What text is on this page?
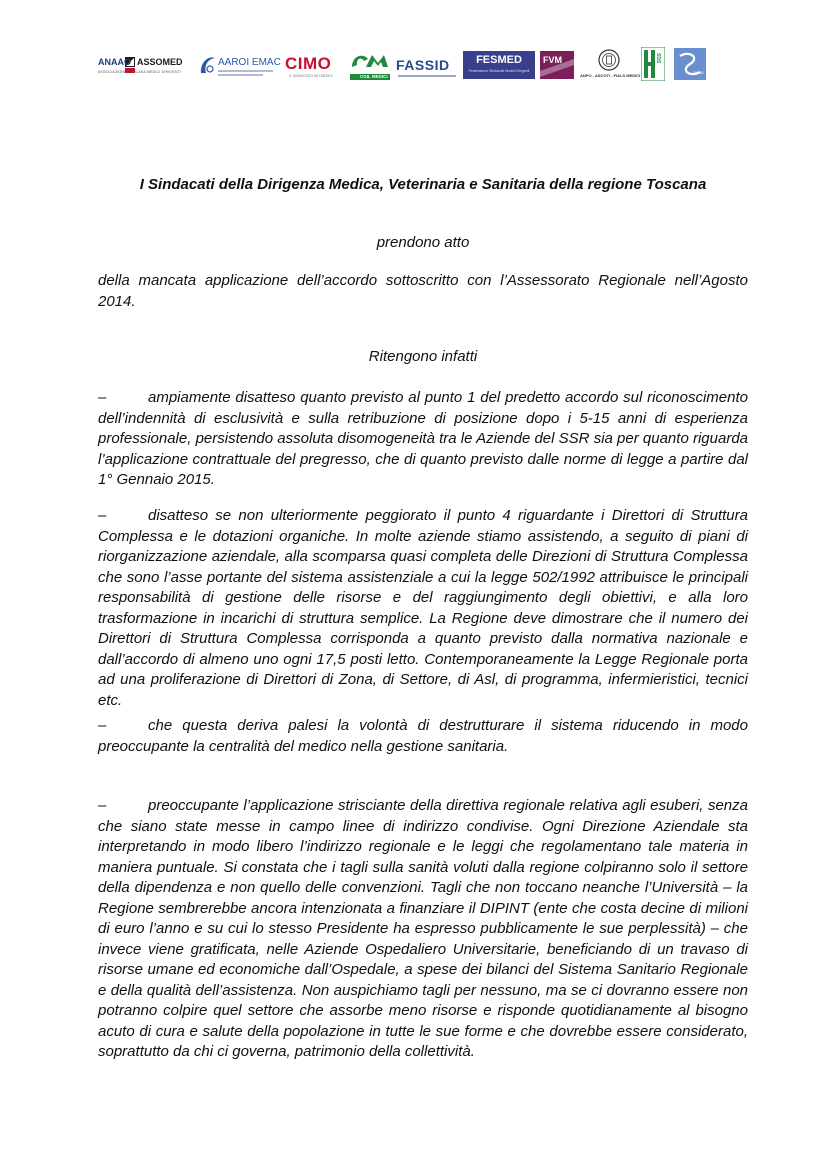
ANAAO ASSOMED
ASSOCIAZIONE TOSCANA MEDICI DIRIGENTI
AAROI EMAC CIMO
IL SINDACATO DEI MEDICI	CGIL MEDICI
FASSID	FESMED
Federazione Sindacale Medici Dirigenti
FVM
ANPO - ASCOTI - FIALS MEDICI
SDS
SNABI
I Sindacati della Dirigenza Medica, Veterinaria e Sanitaria della regione Toscana
prendono atto

della mancata applicazione dell’accordo sottoscritto con l’Assessorato Regionale nell’Agosto 2014.

Ritengono infatti

–	ampiamente disatteso quanto previsto al punto 1 del predetto accordo sul riconoscimento dell’indennità di esclusività e sulla retribuzione di posizione dopo i 5-15 anni di esperienza professionale, persistendo assoluta disomogeneità tra le Aziende del SSR sia per quanto riguarda l’applicazione contrattuale del pregresso, che di quanto previsto dalle norme di legge a partire dal 1° Gennaio 2015.

–	disatteso se non ulteriormente peggiorato il punto 4 riguardante i Direttori di Struttura Complessa e le dotazioni organiche. In molte aziende stiamo assistendo, a seguito di piani di riorganizzazione aziendale, alla scomparsa quasi completa delle Direzioni di Struttura Complessa che sono l’asse portante del sistema assistenziale a cui la legge 502/1992 attribuisce le principali responsabilità di gestione delle risorse e del raggiungimento degli obiettivi, e alla loro trasformazione in incarichi di struttura semplice. La Regione deve dimostrare che il numero dei Direttori di Struttura Complessa corrisponda a quanto previsto dalla normativa nazionale e dall’accordo di almeno uno ogni 17,5 posti letto. Contemporaneamente la Legge Regionale porta ad una proliferazione di Direttori di Zona, di Settore, di Asl, di programma, infermieristici, tecnici etc.

–	che questa deriva palesi la volontà di destrutturare il sistema riducendo in modo preoccupante la centralità del medico nella gestione sanitaria.

–	preoccupante l’applicazione strisciante della direttiva regionale relativa agli esuberi, senza che siano state messe in campo linee di indirizzo condivise. Ogni Direzione Aziendale sta interpretando in modo libero l’indirizzo regionale e le leggi che regolamentano tale materia in maniera puntuale. Si constata che i tagli sulla sanità voluti dalla regione colpiranno solo il settore della dipendenza e non quello delle convenzioni. Tagli che non toccano neanche l’Università – la Regione sembrerebbe ancora intenzionata a finanziare il DIPINT (ente che costa decine di milioni di euro l’anno e su cui lo stesso Presidente ha espresso pubblicamente le sue perplessità) – che invece viene gratificata, nelle Aziende Ospedaliero Universitarie, beneficiando di un travaso di risorse umane ed economiche dall’Ospedale, a spese dei bilanci del Sistema Sanitario Regionale e della qualità dell’assistenza. Non auspichiamo tagli per nessuno, ma se ci dovranno essere non potranno colpire quel settore che assorbe meno risorse e risponde quotidianamente al bisogno acuto di cura e salute della popolazione in tutte le sue forme e che dovrebbe essere considerato, soprattutto da chi ci governa, patrimonio della collettività.
